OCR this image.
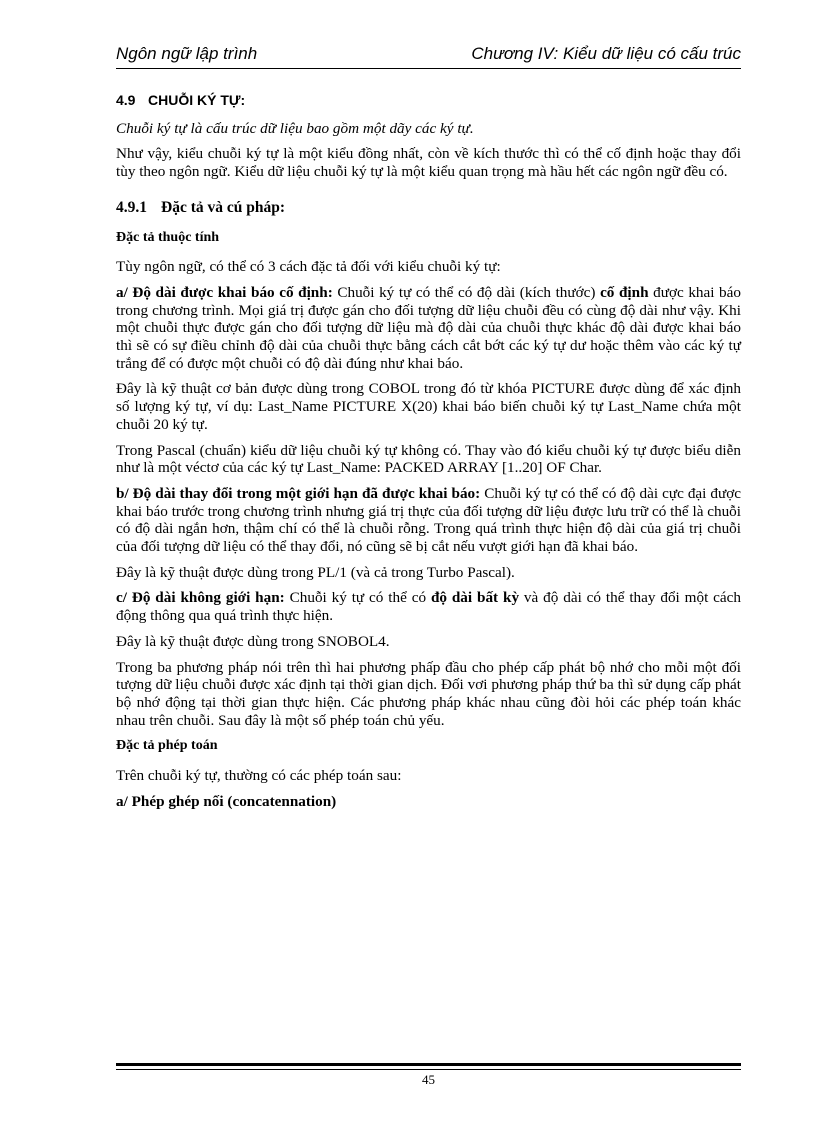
Ngôn ngữ lập trình	Chương IV: Kiểu dữ liệu có cấu trúc

4.9 CHUỖI KÝ TỰ:

Chuỗi ký tự là cấu trúc dữ liệu bao gồm một dãy các ký tự.

Như vậy, kiểu chuỗi ký tự là một kiểu đồng nhất, còn về kích thước thì có thể cố định hoặc thay đổi tùy theo ngôn ngữ. Kiểu dữ liệu chuỗi ký tự là một kiểu quan trọng mà hầu hết các ngôn ngữ đều có.

4.9.1 Đặc tả và cú pháp:

Đặc tả thuộc tính

Tùy ngôn ngữ, có thể có 3 cách đặc tả đối với kiểu chuỗi ký tự:

a/ Độ dài được khai báo cố định: Chuỗi ký tự có thể có độ dài (kích thước) cố định được khai báo trong chương trình. Mọi giá trị được gán cho đối tượng dữ liệu chuỗi đều có cùng độ dài như vậy. Khi một chuỗi thực được gán cho đối tượng dữ liệu mà độ dài của chuỗi thực khác độ dài được khai báo thì sẽ có sự điều chỉnh độ dài của chuỗi thực bằng cách cắt bớt các ký tự dư hoặc thêm vào các ký tự trắng để có được một chuỗi có độ dài đúng như khai báo.

Đây là kỹ thuật cơ bản được dùng trong COBOL trong đó từ khóa PICTURE được dùng để xác định số lượng ký tự, ví dụ: Last_Name PICTURE X(20) khai báo biến chuỗi ký tự Last_Name chứa một chuỗi 20 ký tự.

Trong Pascal (chuẩn) kiểu dữ liệu chuỗi ký tự không có. Thay vào đó kiểu chuỗi ký tự được biểu diễn như là một véctơ của các ký tự Last_Name: PACKED ARRAY [1..20] OF Char.

b/ Độ dài thay đổi trong một giới hạn đã được khai báo: Chuỗi ký tự có thể có độ dài cực đại được khai báo trước trong chương trình nhưng giá trị thực của đối tượng dữ liệu được lưu trữ có thể là chuỗi có độ dài ngắn hơn, thậm chí có thể là chuỗi rỗng. Trong quá trình thực hiện độ dài của giá trị chuỗi của đối tượng dữ liệu có thể thay đổi, nó cũng sẽ bị cắt nếu vượt giới hạn đã khai báo.

Đây là kỹ thuật được dùng trong PL/1 (và cả trong Turbo Pascal).

c/ Độ dài không giới hạn: Chuỗi ký tự có thể có độ dài bất kỳ và độ dài có thể thay đổi một cách động thông qua quá trình thực hiện.

Đây là kỹ thuật được dùng trong SNOBOL4.

Trong ba phương pháp nói trên thì hai phương phấp đầu cho phép cấp phát bộ nhớ cho mỗi một đối tượng dữ liệu chuỗi được xác định tại thời gian dịch. Đối vơi phương pháp thứ ba thì sử dụng cấp phát bộ nhớ động tại thời gian thực hiện. Các phương pháp khác nhau cũng đòi hỏi các phép toán khác nhau trên chuỗi. Sau đây là một số phép toán chủ yếu.

Đặc tả phép toán

Trên chuỗi ký tự, thường có các phép toán sau:

a/ Phép ghép nối (concatennation)

45
